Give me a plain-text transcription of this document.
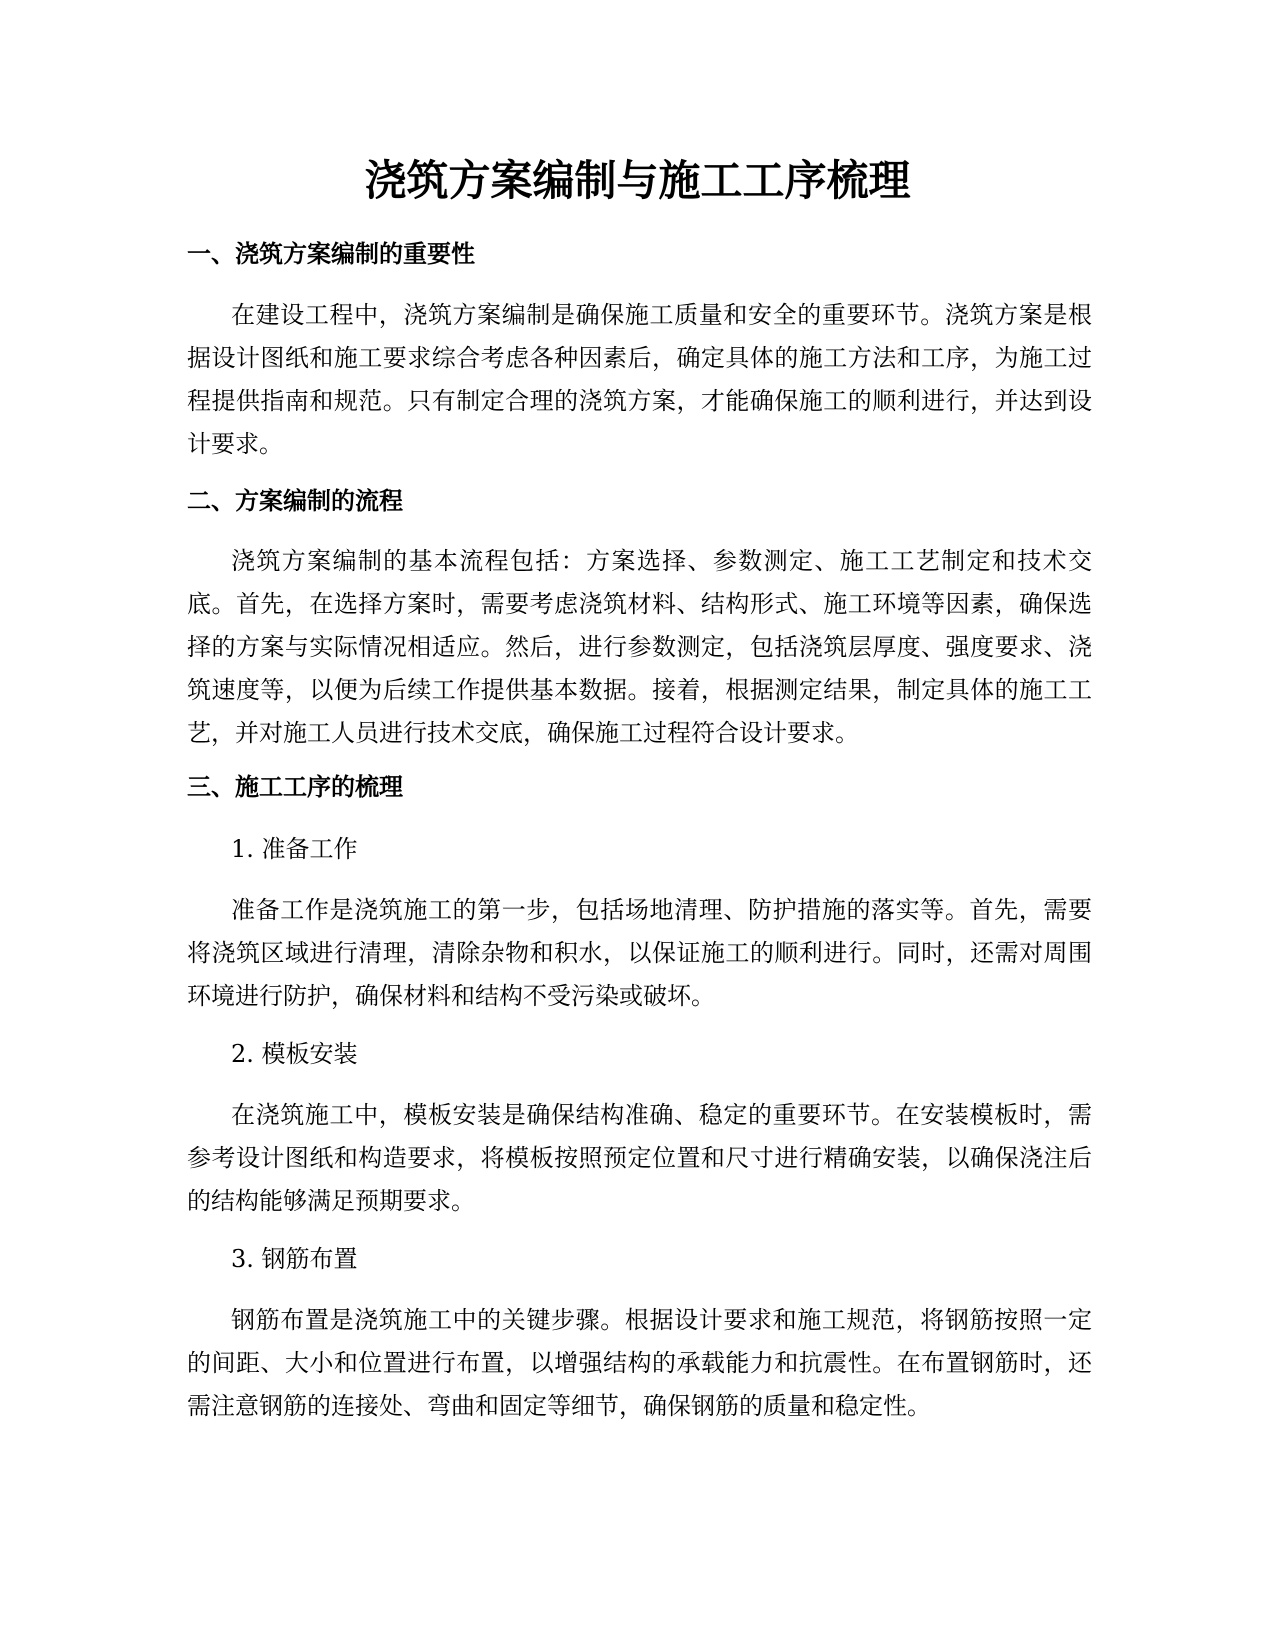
浇筑方案编制与施工工序梳理
一、浇筑方案编制的重要性

在建设工程中，浇筑方案编制是确保施工质量和安全的重要环节。浇筑方案是根据设计图纸和施工要求综合考虑各种因素后，确定具体的施工方法和工序，为施工过程提供指南和规范。只有制定合理的浇筑方案，才能确保施工的顺利进行，并达到设计要求。

二、方案编制的流程

浇筑方案编制的基本流程包括：方案选择、参数测定、施工工艺制定和技术交底。首先，在选择方案时，需要考虑浇筑材料、结构形式、施工环境等因素，确保选择的方案与实际情况相适应。然后，进行参数测定，包括浇筑层厚度、强度要求、浇筑速度等，以便为后续工作提供基本数据。接着，根据测定结果，制定具体的施工工艺，并对施工人员进行技术交底，确保施工过程符合设计要求。

三、施工工序的梳理
1. 准备工作

准备工作是浇筑施工的第一步，包括场地清理、防护措施的落实等。首先，需要将浇筑区域进行清理，清除杂物和积水，以保证施工的顺利进行。同时，还需对周围环境进行防护，确保材料和结构不受污染或破坏。

2. 模板安装

在浇筑施工中，模板安装是确保结构准确、稳定的重要环节。在安装模板时，需参考设计图纸和构造要求，将模板按照预定位置和尺寸进行精确安装，以确保浇注后的结构能够满足预期要求。

3. 钢筋布置

钢筋布置是浇筑施工中的关键步骤。根据设计要求和施工规范，将钢筋按照一定的间距、大小和位置进行布置，以增强结构的承载能力和抗震性。在布置钢筋时，还需注意钢筋的连接处、弯曲和固定等细节，确保钢筋的质量和稳定性。
